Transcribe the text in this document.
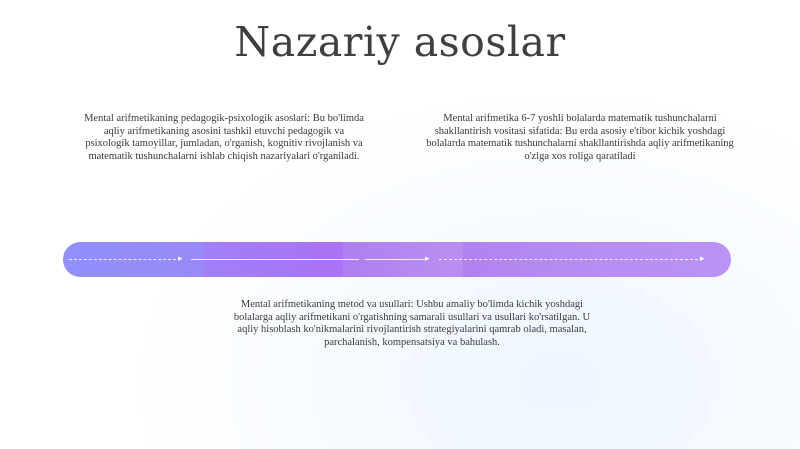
Nazariy asoslar
Mental arifmetikaning pedagogik-psixologik asoslari: Bu bo'limda aqliy arifmetikaning asosini tashkil etuvchi pedagogik va psixologik tamoyillar, jumladan, o'rganish, kognitiv rivojlanish va matematik tushunchalarni ishlab chiqish nazariyalari o'rganiladi.
Mental arifmetika 6-7 yoshli bolalarda matematik tushunchalarni shakllantirish vositasi sifatida: Bu erda asosiy e'tibor kichik yoshdagi bolalarda matematik tushunchalarni shakllantirishda aqliy arifmetikaning o'ziga xos roliga qaratiladi
▸	▸	▸
Mental arifmetikaning metod va usullari: Ushbu amaliy bo'limda kichik yoshdagi bolalarga aqliy arifmetikani o'rgatishning samarali usullari va usullari ko'rsatilgan. U aqliy hisoblash ko'nikmalarini rivojlantirish strategiyalarini qamrab oladi, masalan, parchalanish, kompensatsiya va bahulash.
